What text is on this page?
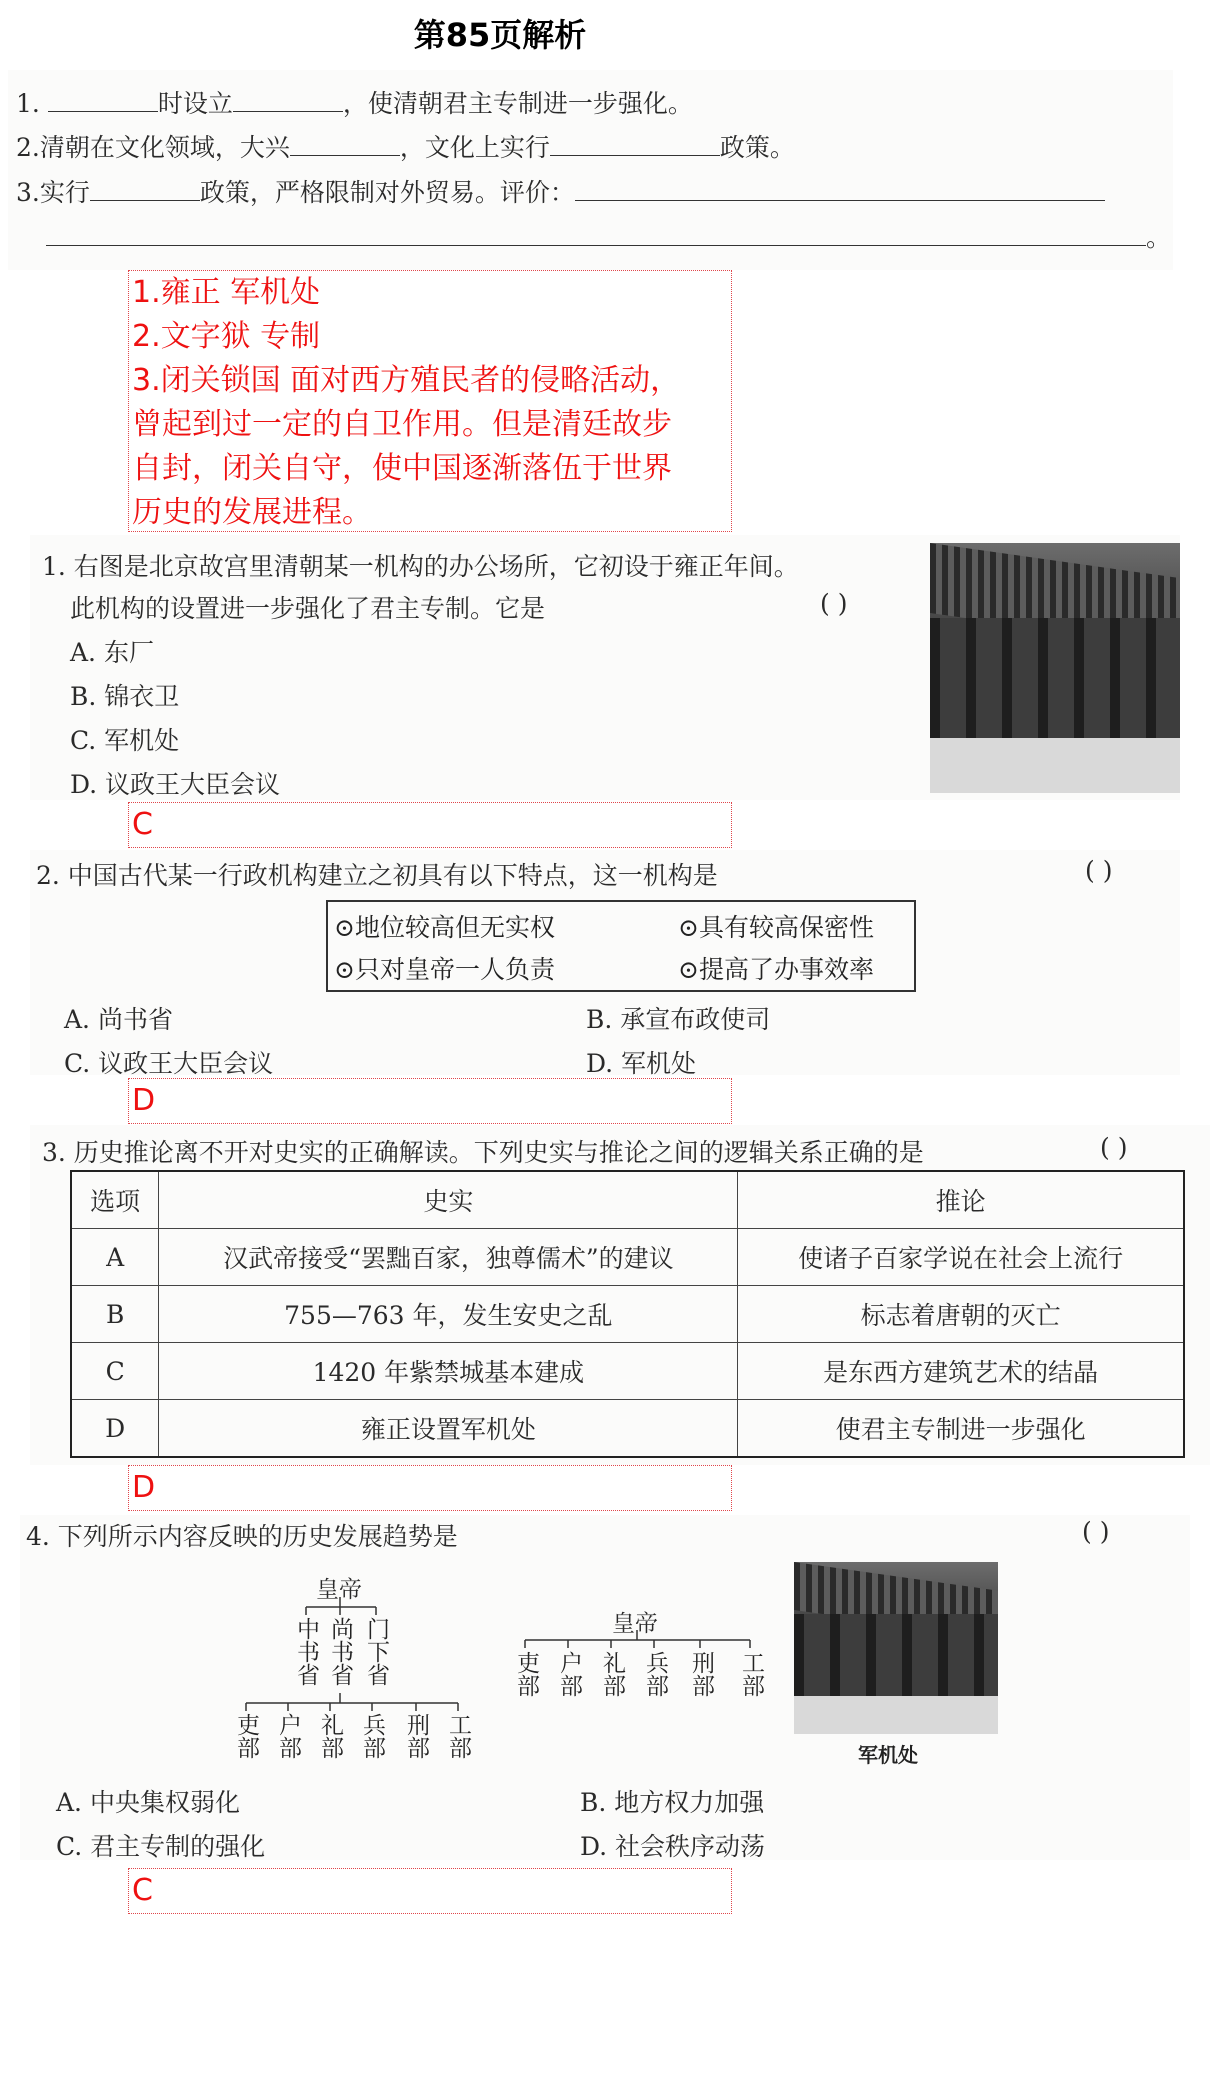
第85页解析
1.	时设立	，使清朝君主专制进一步强化。
2.清朝在文化领域，大兴	，文化上实行	政策。
3.实行	政策，严格限制对外贸易。评价：
。
1.雍正 军机处
2.文字狱 专制
3.闭关锁国 面对西方殖民者的侵略活动，
曾起到过一定的自卫作用。但是清廷故步
自封，闭关自守，使中国逐渐落伍于世界
历史的发展进程。
1. 右图是北京故宫里清朝某一机构的办公场所，它初设于雍正年间。
此机构的设置进一步强化了君主专制。它是	( )
A. 东厂
B. 锦衣卫
C. 军机处
D. 议政王大臣会议
C
2. 中国古代某一行政机构建立之初具有以下特点，这一机构是	( )
⊙地位较高但无实权	⊙具有较高保密性
⊙只对皇帝一人负责	⊙提高了办事效率
A. 尚书省	B. 承宣布政使司
C. 议政王大臣会议	D. 军机处
D
3. 历史推论离不开对史实的正确解读。下列史实与推论之间的逻辑关系正确的是	( )
选项	史实	推论
A	汉武帝接受“罢黜百家，独尊儒术”的建议	使诸子百家学说在社会上流行
B	755—763 年，发生安史之乱	标志着唐朝的灭亡
C	1420 年紫禁城基本建成	是东西方建筑艺术的结晶
D	雍正设置军机处	使君主专制进一步强化
D
4. 下列所示内容反映的历史发展趋势是	( )
皇帝
中书省 尚书省 门下省
吏部 户部 礼部 兵部 刑部 工部
皇帝
吏部 户部 礼部 兵部 刑部 工部
军机处
A. 中央集权弱化	B. 地方权力加强
C. 君主专制的强化	D. 社会秩序动荡
C
